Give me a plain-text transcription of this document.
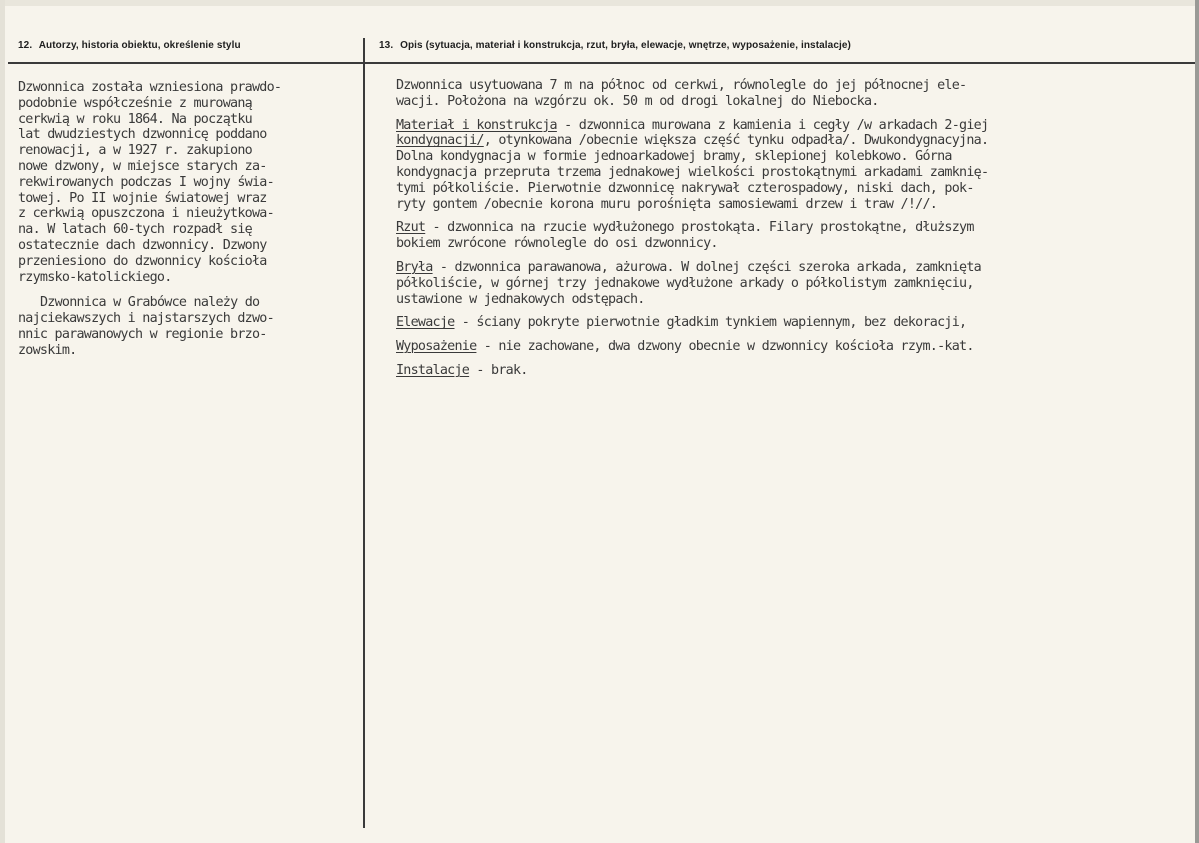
12. Autorzy, historia obiektu, określenie stylu	13. Opis (sytuacja, materiał i konstrukcja, rzut, bryła, elewacje, wnętrze, wyposażenie, instalacje)
Dzwonnica została wzniesiona prawdo-
podobnie współcześnie z murowaną
cerkwią w roku 1864. Na początku
lat dwudziestych dzwonnicę poddano
renowacji, a w 1927 r. zakupiono
nowe dzwony, w miejsce starych za-
rekwirowanych podczas I wojny świa-
towej. Po II wojnie światowej wraz
z cerkwią opuszczona i nieużytkowa-
na. W latach 60-tych rozpadł się
ostatecznie dach dzwonnicy. Dzwony
przeniesiono do dzwonnicy kościoła
rzymsko-katolickiego.
Dzwonnica w Grabówce należy do
najciekawszych i najstarszych dzwo-
nnic parawanowych w regionie brzo-
zowskim.
Dzwonnica usytuowana 7 m na północ od cerkwi, równolegle do jej północnej ele-
wacji. Położona na wzgórzu ok. 50 m od drogi lokalnej do Niebocka.
Materiał i konstrukcja - dzwonnica murowana z kamienia i cegły /w arkadach 2-giej
kondygnacji/, otynkowana /obecnie większa część tynku odpadła/. Dwukondygnacyjna.
Dolna kondygnacja w formie jednoarkadowej bramy, sklepionej kolebkowo. Górna
kondygnacja przepruta trzema jednakowej wielkości prostokątnymi arkadami zamknię-
tymi półkoliście. Pierwotnie dzwonnicę nakrywał czterospadowy, niski dach, pok-
ryty gontem /obecnie korona muru porośnięta samosiewami drzew i traw /!//.
Rzut - dzwonnica na rzucie wydłużonego prostokąta. Filary prostokątne, dłuższym
bokiem zwrócone równolegle do osi dzwonnicy.
Bryła - dzwonnica parawanowa, ażurowa. W dolnej części szeroka arkada, zamknięta
półkoliście, w górnej trzy jednakowe wydłużone arkady o półkolistym zamknięciu,
ustawione w jednakowych odstępach.
Elewacje - ściany pokryte pierwotnie gładkim tynkiem wapiennym, bez dekoracji,
Wyposażenie - nie zachowane, dwa dzwony obecnie w dzwonnicy kościoła rzym.-kat.
Instalacje - brak.
